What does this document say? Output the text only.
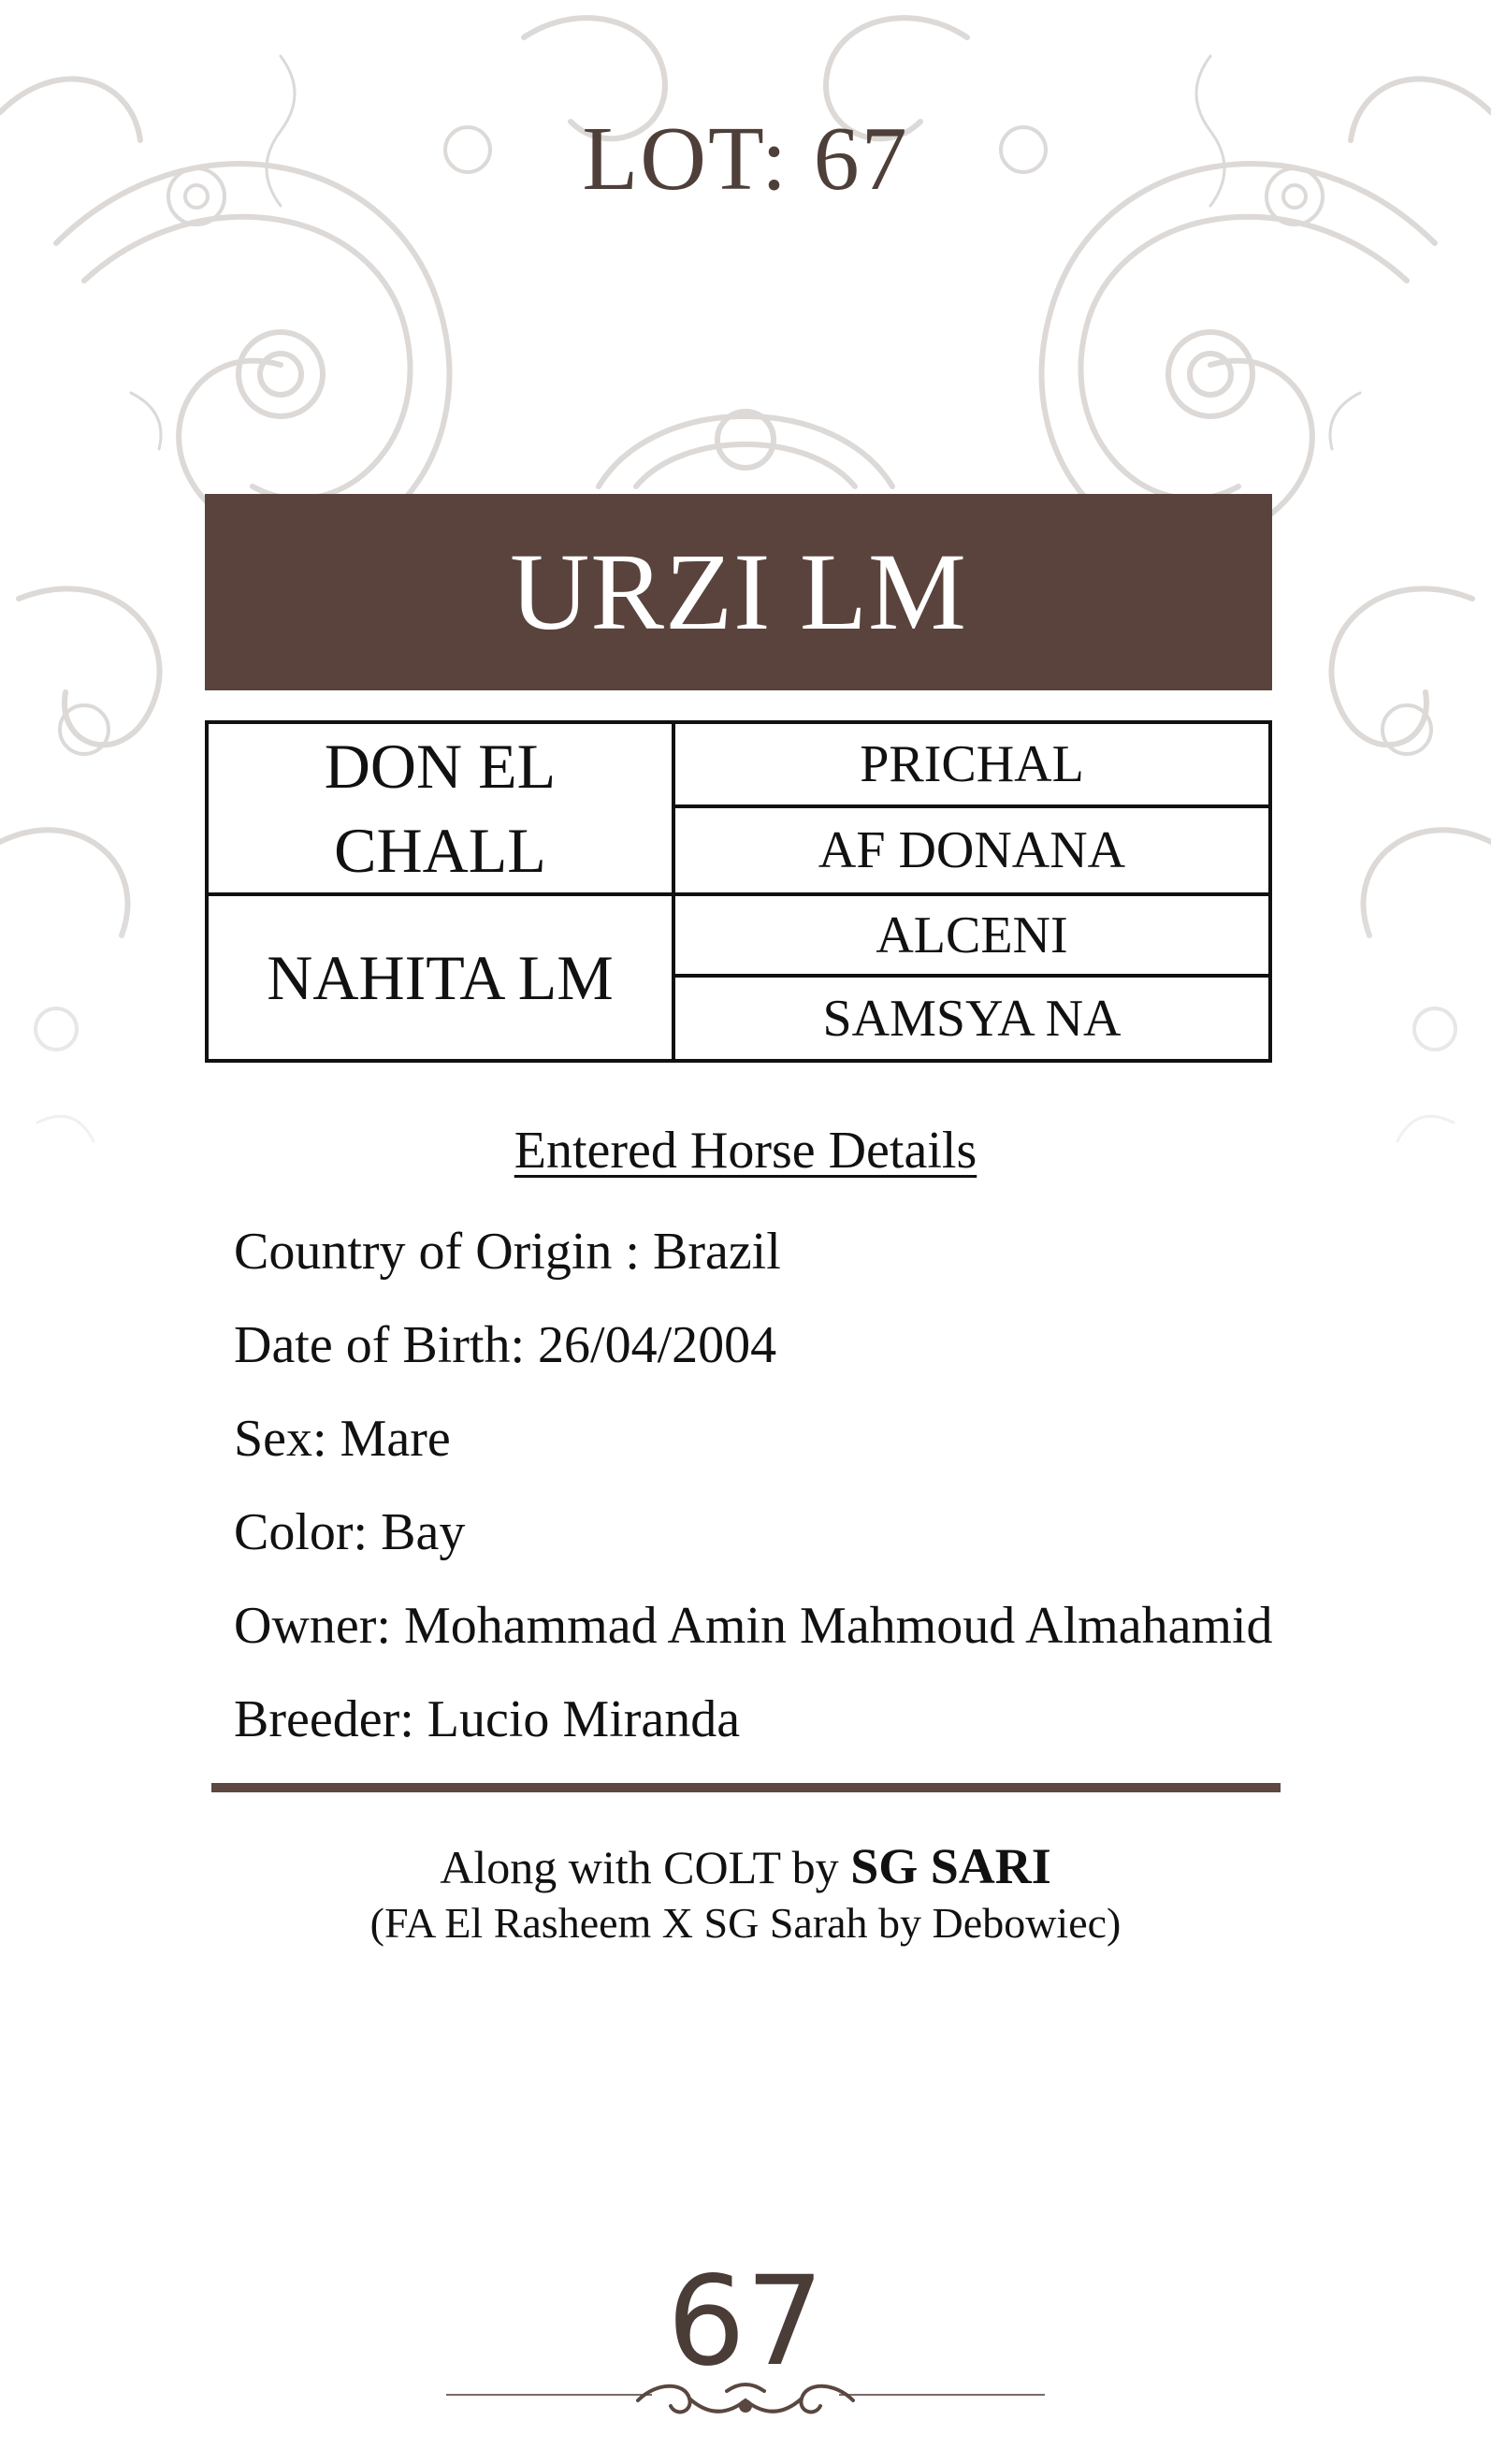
LOT: 67
URZI LM
DON EL CHALL
PRICHAL
AF DONANA
NAHITA LM
ALCENI
SAMSYA NA
Entered Horse Details
Country of Origin : Brazil
Date of Birth: 26/04/2004
Sex: Mare
Color: Bay
Owner: Mohammad Amin Mahmoud Almahamid
Breeder: Lucio Miranda
Along with COLT by SG SARI
(FA El Rasheem X SG Sarah by Debowiec)
67
